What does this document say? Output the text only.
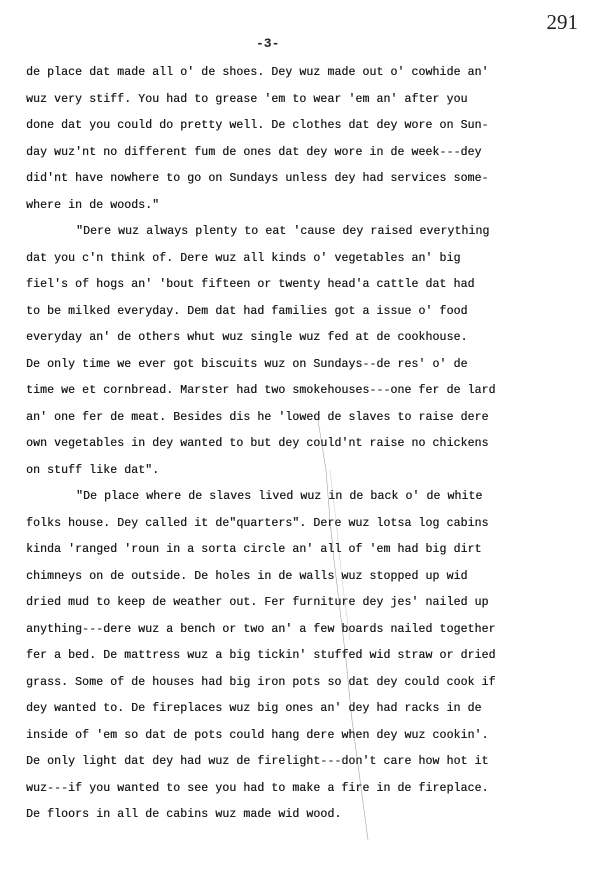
291
-3-
de place dat made all o' de shoes. Dey wuz made out o' cowhide an'
wuz very stiff. You had to grease 'em to wear 'em an' after you
done dat you could do pretty well. De clothes dat dey wore on Sun-
day wuz'nt no different fum de ones dat dey wore in de week---dey
did'nt have nowhere to go on Sundays unless dey had services some-
where in de woods."
"Dere wuz always plenty to eat 'cause dey raised everything
dat you c'n think of. Dere wuz all kinds o' vegetables an' big
fiel's of hogs an' 'bout fifteen or twenty head'a cattle dat had
to be milked everyday. Dem dat had families got a issue o' food
everyday an' de others whut wuz single wuz fed at de cookhouse.
De only time we ever got biscuits wuz on Sundays--de res' o' de
time we et cornbread. Marster had two smokehouses---one fer de lard
an' one fer de meat. Besides dis he 'lowed de slaves to raise dere
own vegetables in dey wanted to but dey could'nt raise no chickens
on stuff like dat".
"De place where de slaves lived wuz in de back o' de white
folks house. Dey called it de"quarters". Dere wuz lotsa log cabins
kinda 'ranged 'roun in a sorta circle an' all of 'em had big dirt
chimneys on de outside. De holes in de walls wuz stopped up wid
dried mud to keep de weather out. Fer furniture dey jes' nailed up
anything---dere wuz a bench or two an' a few boards nailed together
fer a bed. De mattress wuz a big tickin' stuffed wid straw or dried
grass. Some of de houses had big iron pots so dat dey could cook if
dey wanted to. De fireplaces wuz big ones an' dey had racks in de
inside of 'em so dat de pots could hang dere when dey wuz cookin'.
De only light dat dey had wuz de firelight---don't care how hot it
wuz---if you wanted to see you had to make a fire in de fireplace.
De floors in all de cabins wuz made wid wood.
